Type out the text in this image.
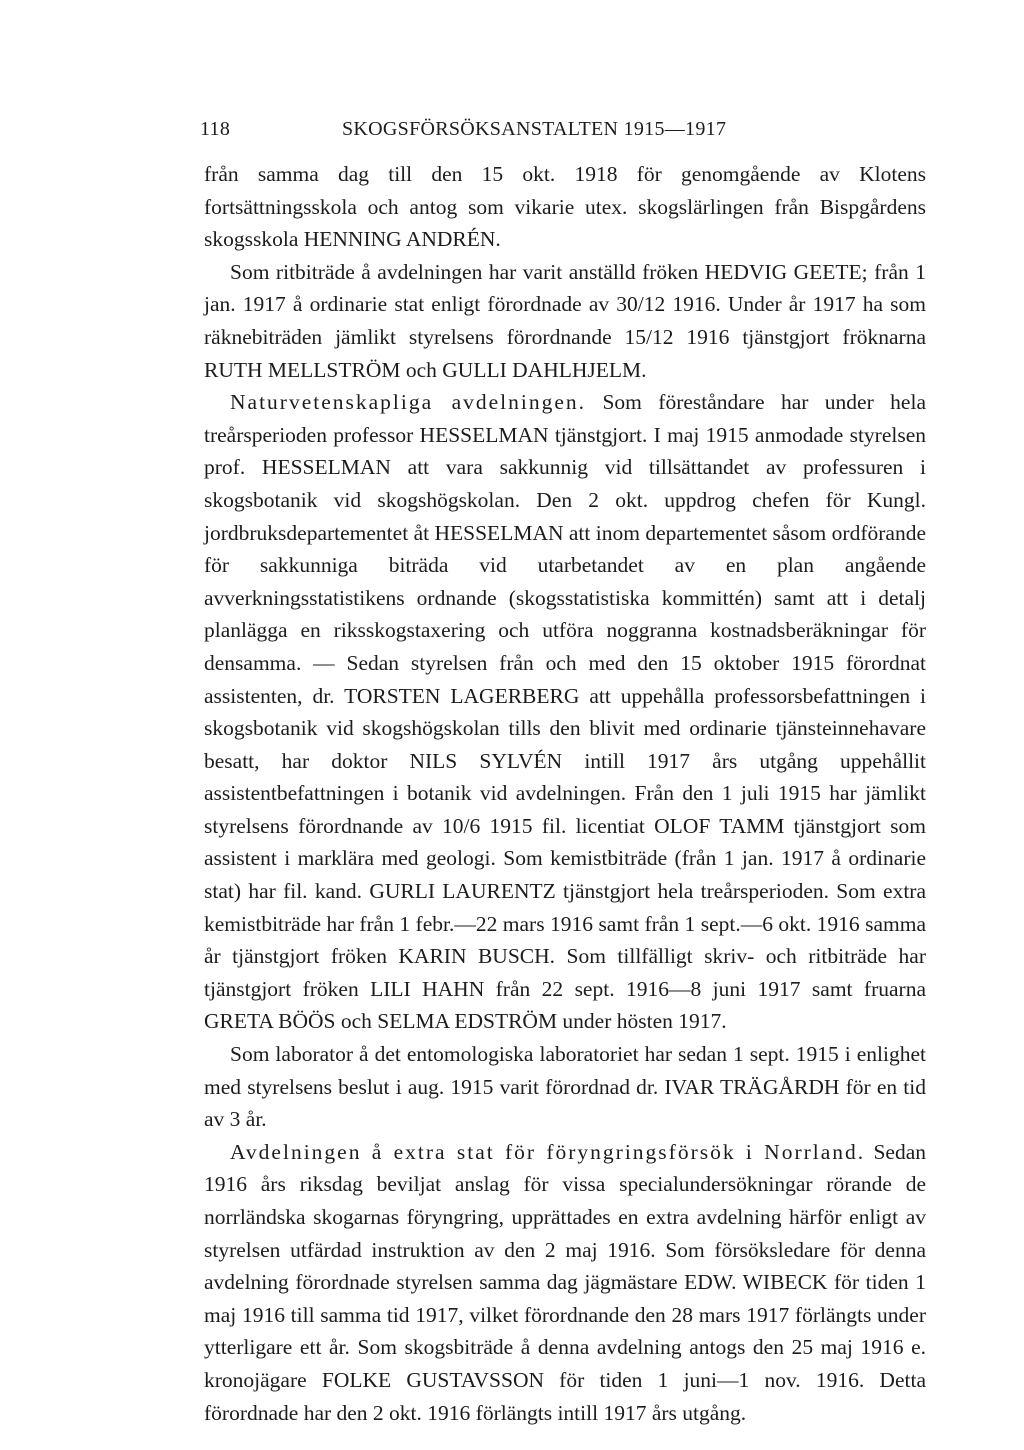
118	SKOGSFÖRSÖKSANSTALTEN 1915—1917

från samma dag till den 15 okt. 1918 för genomgående av Klotens fortsättningsskola och antog som vikarie utex. skogslärlingen från Bispgårdens skogsskola HENNING ANDRÉN.

Som ritbiträde å avdelningen har varit anställd fröken HEDVIG GEETE; från 1 jan. 1917 å ordinarie stat enligt förordnade av 30/12 1916. Under år 1917 ha som räknebiträden jämlikt styrelsens förordnande 15/12 1916 tjänstgjort fröknarna RUTH MELLSTRÖM och GULLI DAHLHJELM.

Naturvetenskapliga avdelningen. Som föreståndare har under hela treårsperioden professor HESSELMAN tjänstgjort. I maj 1915 anmodade styrelsen prof. HESSELMAN att vara sakkunnig vid tillsättandet av professuren i skogsbotanik vid skogshögskolan. Den 2 okt. uppdrog chefen för Kungl. jordbruksdepartementet åt HESSELMAN att inom departementet såsom ordförande för sakkunniga biträda vid utarbetandet av en plan angående avverkningsstatistikens ordnande (skogsstatistiska kommittén) samt att i detalj planlägga en riksskogstaxering och utföra noggranna kostnadsberäkningar för densamma. — Sedan styrelsen från och med den 15 oktober 1915 förordnat assistenten, dr. TORSTEN LAGERBERG att uppehålla professorsbefattningen i skogsbotanik vid skogshögskolan tills den blivit med ordinarie tjänsteinnehavare besatt, har doktor NILS SYLVÉN intill 1917 års utgång uppehållit assistentbefattningen i botanik vid avdelningen. Från den 1 juli 1915 har jämlikt styrelsens förordnande av 10/6 1915 fil. licentiat OLOF TAMM tjänstgjort som assistent i marklära med geologi. Som kemistbiträde (från 1 jan. 1917 å ordinarie stat) har fil. kand. GURLI LAURENTZ tjänstgjort hela treårsperioden. Som extra kemistbiträde har från 1 febr.—22 mars 1916 samt från 1 sept.—6 okt. 1916 samma år tjänstgjort fröken KARIN BUSCH. Som tillfälligt skriv- och ritbiträde har tjänstgjort fröken LILI HAHN från 22 sept. 1916—8 juni 1917 samt fruarna GRETA BÖÖS och SELMA EDSTRÖM under hösten 1917.

Som laborator å det entomologiska laboratoriet har sedan 1 sept. 1915 i enlighet med styrelsens beslut i aug. 1915 varit förordnad dr. IVAR TRÄGÅRDH för en tid av 3 år.

Avdelningen å extra stat för föryngringsförsök i Norrland. Sedan 1916 års riksdag beviljat anslag för vissa specialundersökningar rörande de norrländska skogarnas föryngring, upprättades en extra avdelning härför enligt av styrelsen utfärdad instruktion av den 2 maj 1916. Som försöksledare för denna avdelning förordnade styrelsen samma dag jägmästare EDW. WIBECK för tiden 1 maj 1916 till samma tid 1917, vilket förordnande den 28 mars 1917 förlängts under ytterligare ett år. Som skogsbiträde å denna avdelning antogs den 25 maj 1916 e. kronojägare FOLKE GUSTAVSSON för tiden 1 juni—1 nov. 1916. Detta förordnade har den 2 okt. 1916 förlängts intill 1917 års utgång.
